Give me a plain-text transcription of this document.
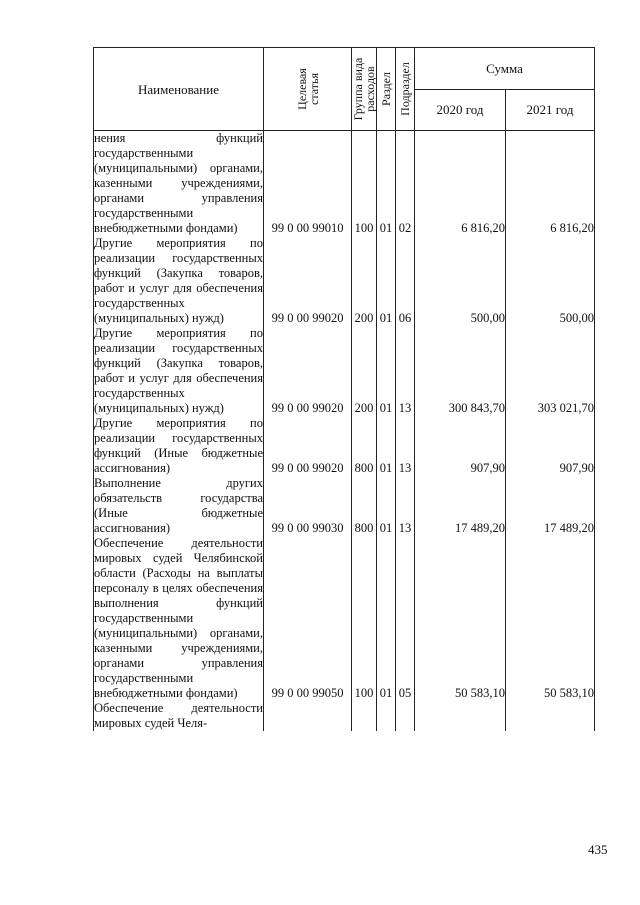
Наименование	Целевая статья	Группа вида расходов	Раздел	Подраздел	Сумма	
					2020 год	2021 год
нения функций государственными (муниципальными) органами, казенными учреждениями, органами управления государственными внебюджетными фондами)	99 0 00 99010	100	01	02	6 816,20	6 816,20
Другие мероприятия по реализации государственных функций (Закупка товаров, работ и услуг для обеспечения государственных (муниципальных) нужд)	99 0 00 99020	200	01	06	500,00	500,00
Другие мероприятия по реализации государственных функций (Закупка товаров, работ и услуг для обеспечения государственных (муниципальных) нужд)	99 0 00 99020	200	01	13	300 843,70	303 021,70
Другие мероприятия по реализации государственных функций (Иные бюджетные ассигнования)	99 0 00 99020	800	01	13	907,90	907,90
Выполнение других обязательств государства (Иные бюджетные ассигнования)	99 0 00 99030	800	01	13	17 489,20	17 489,20
Обеспечение деятельности мировых судей Челябинской области (Расходы на выплаты персоналу в целях обеспечения выполнения функций государственными (муниципальными) органами, казенными учреждениями, органами управления государственными внебюджетными фондами)	99 0 00 99050	100	01	05	50 583,10	50 583,10
Обеспечение деятельности мировых судей Челя-						
435
